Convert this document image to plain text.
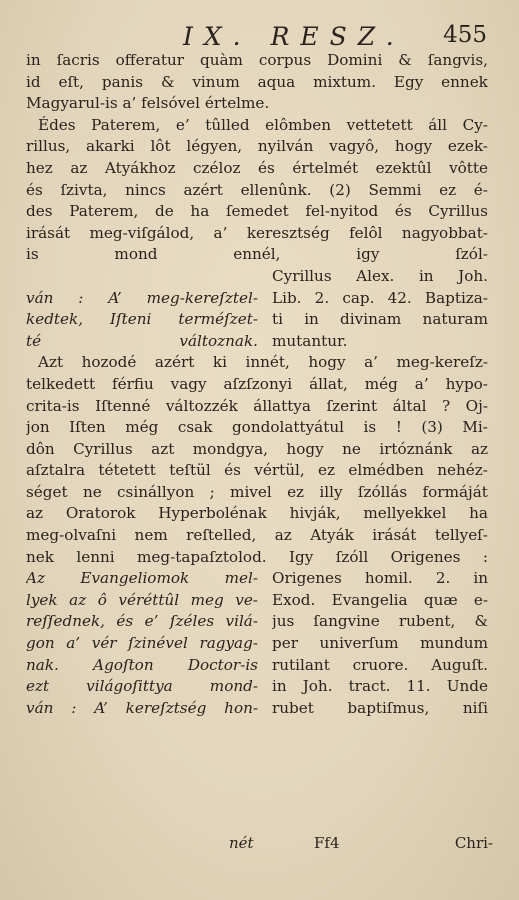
IX. RESZ. 455
in ſacris offeratur quàm corpus Domini & ſangvis,
id eſt, panis & vinum aqua mixtum. Egy ennek
Magyarul-is a’ felsóvel értelme.
Édes Paterem, e’ tûlled elômben vettetett áll Cy-
rillus, akarki lôt légyen, nyilván vagyô, hogy ezek-
hez az Atyákhoz czéloz és értelmét ezektûl vôtte
és ſzivta, nincs azért ellenûnk. (2) Semmi ez é-
des Paterem, de ha ſemedet fel-nyitod és Cyrillus
irását meg-viſgálod, a’ keresztség felôl nagyobbat-
is	mond	ennél,	igy	ſzól-
Cyrillus Alex. in Joh.
ván : A’ meg-kereſztel- Lib. 2. cap. 42. Baptiza-
kedtek, Iſteni terméſzet- ti in divinam naturam
té	változnak. mutantur.
Azt hozodé azért ki innét, hogy a’ meg-kereſz-
telkedett férfiu vagy aſzſzonyi állat, még a’ hypo-
crita-is Iſtenné változzék állattya ſzerint által ? Oj-
jon Iſten még csak gondolattyátul is ! (3) Mi-
dôn Cyrillus azt mondgya, hogy ne irtóznánk az
aſztalra tétetett teſtül és vértül, ez elmédben nehéz-
séget ne csinállyon ; mivel ez illy ſzóllás formáját
az Oratorok Hyperbolénak hivják, mellyekkel ha
meg-olvaſni nem reſtelled, az Atyák irását tellyeſ-
nek lenni meg-tapaſztolod. Igy ſzóll Origenes :
Az Evangeliomok mel- Origenes homil. 2. in
lyek az ô véréttûl meg ve- Exod. Evangelia quæ e-
reſſednek, és e’ ſzéles vilá- jus ſangvine rubent, &
gon a’ vér ſzinével ragyag- per univerſum mundum
nak. Agoſton Doctor-is rutilant cruore. Auguſt.
ezt világoſittya mond- in Joh. tract. 11. Unde
ván : A’ kereſztség hon- rubet baptiſmus, niſi
nét	Ff4	Chri-
